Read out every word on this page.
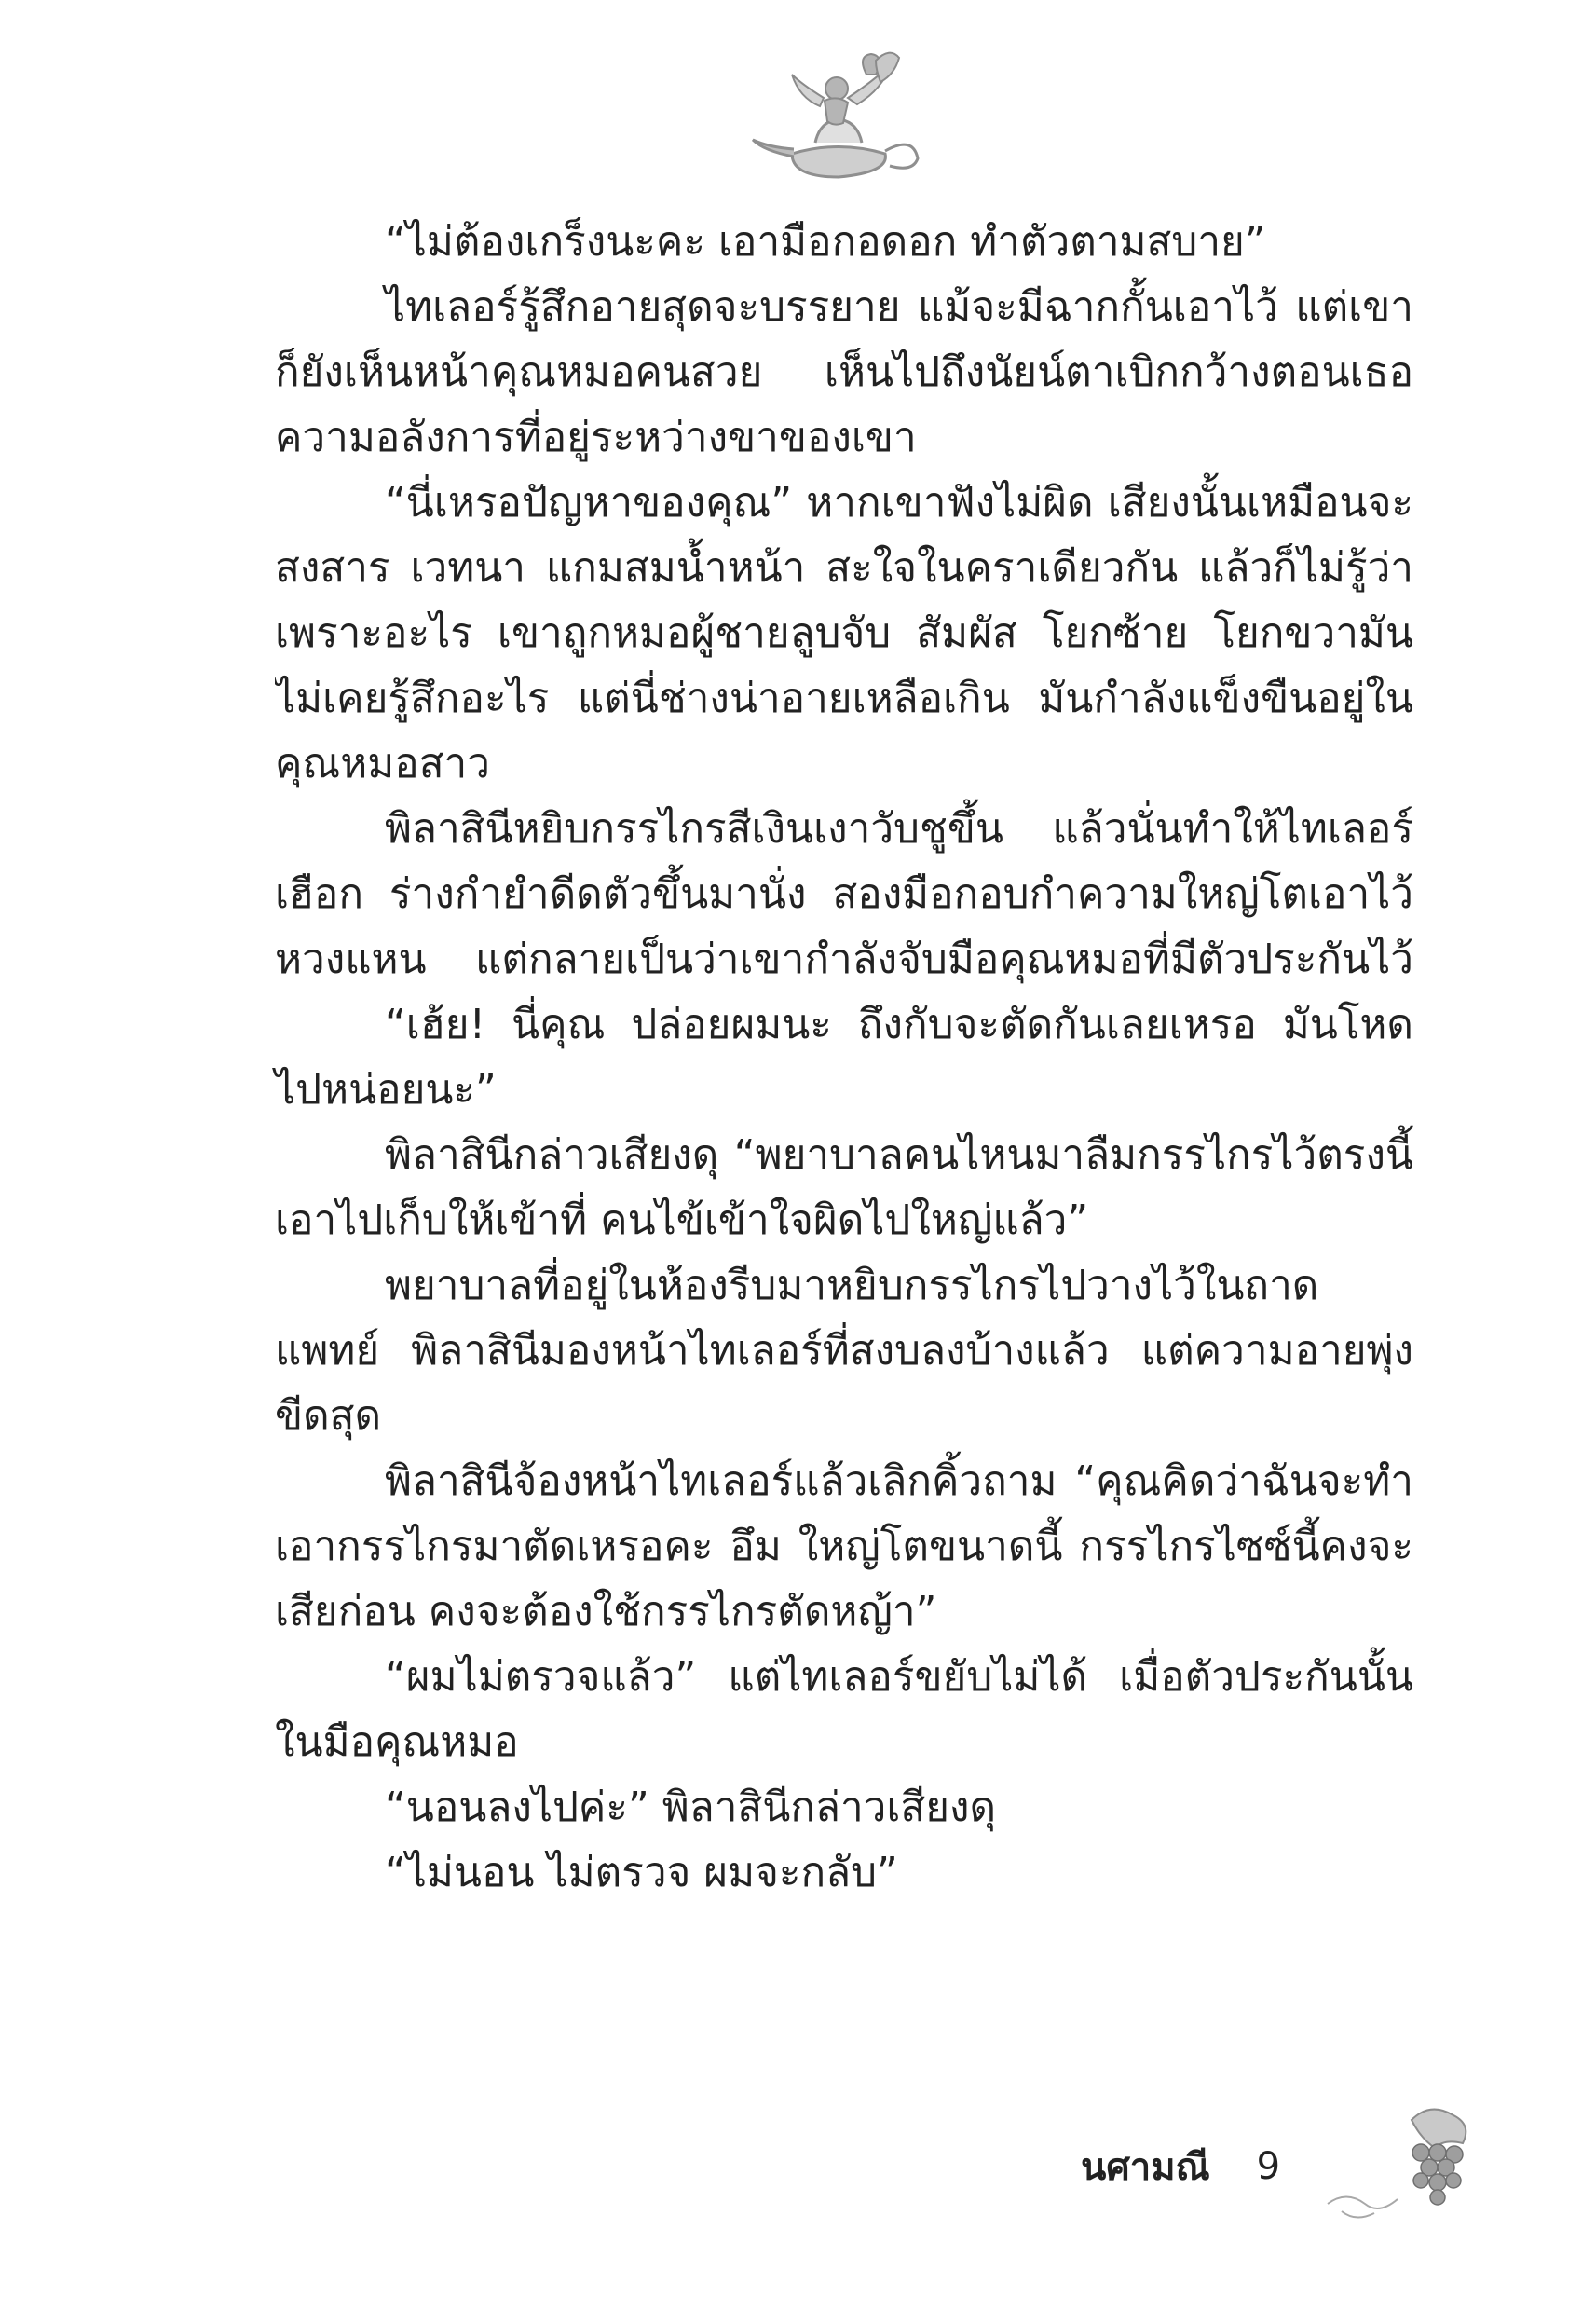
“ไม่ต้องเกร็งนะคะ เอามือกอดอก ทำตัวตามสบาย”
ไทเลอร์รู้สึกอายสุดจะบรรยาย แม้จะมีฉากกั้นเอาไว้ แต่เขา
ก็ยังเห็นหน้าคุณหมอคนสวย เห็นไปถึงนัยน์ตาเบิกกว้างตอนเธอ
ความอลังการที่อยู่ระหว่างขาของเขา
“นี่เหรอปัญหาของคุณ” หากเขาฟังไม่ผิด เสียงนั้นเหมือนจะ
สงสาร เวทนา แกมสมน้ำหน้า สะใจในคราเดียวกัน แล้วก็ไม่รู้ว่า
เพราะอะไร เขาถูกหมอผู้ชายลูบจับ สัมผัส โยกซ้าย โยกขวามัน
ไม่เคยรู้สึกอะไร แต่นี่ช่างน่าอายเหลือเกิน มันกำลังแข็งขืนอยู่ใน
คุณหมอสาว
พิลาสินีหยิบกรรไกรสีเงินเงาวับชูขึ้น แล้วนั่นทำให้ไทเลอร์
เฮือก ร่างกำยำดีดตัวขึ้นมานั่ง สองมือกอบกำความใหญ่โตเอาไว้
หวงแหน แต่กลายเป็นว่าเขากำลังจับมือคุณหมอที่มีตัวประกันไว้
“เฮ้ย! นี่คุณ ปล่อยผมนะ ถึงกับจะตัดกันเลยเหรอ มันโหด
ไปหน่อยนะ”
พิลาสินีกล่าวเสียงดุ “พยาบาลคนไหนมาลืมกรรไกรไว้ตรงนี้
เอาไปเก็บให้เข้าที่ คนไข้เข้าใจผิดไปใหญ่แล้ว”
พยาบาลที่อยู่ในห้องรีบมาหยิบกรรไกรไปวางไว้ในถาด
แพทย์ พิลาสินีมองหน้าไทเลอร์ที่สงบลงบ้างแล้ว แต่ความอายพุ่ง
ขีดสุด
พิลาสินีจ้องหน้าไทเลอร์แล้วเลิกคิ้วถาม “คุณคิดว่าฉันจะทำ
เอากรรไกรมาตัดเหรอคะ อึม ใหญ่โตขนาดนี้ กรรไกรไซซ์นี้คงจะ
เสียก่อน คงจะต้องใช้กรรไกรตัดหญ้า”
“ผมไม่ตรวจแล้ว” แต่ไทเลอร์ขยับไม่ได้ เมื่อตัวประกันนั้น
ในมือคุณหมอ
“นอนลงไปค่ะ” พิลาสินีกล่าวเสียงดุ
“ไม่นอน ไม่ตรวจ ผมจะกลับ”
นศามณี 9
